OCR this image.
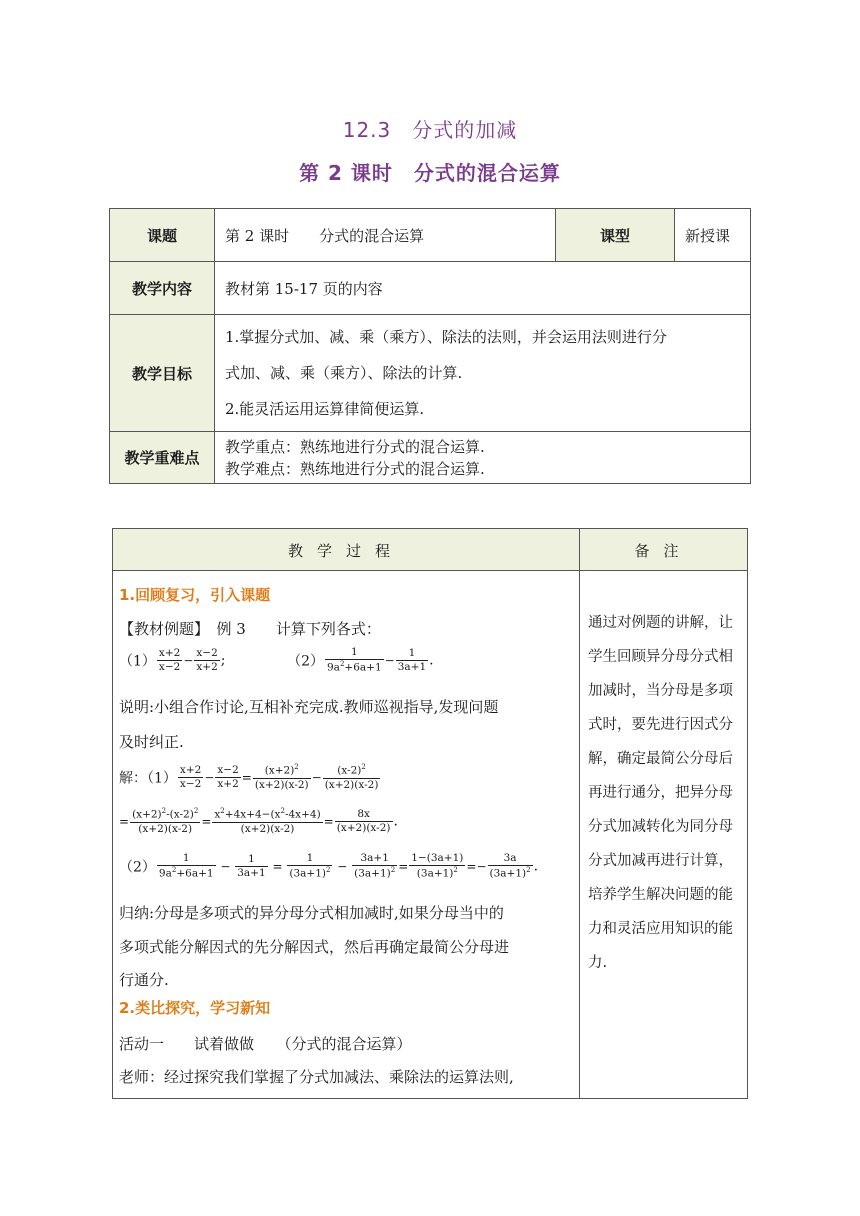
12.3　分式的加减
第 2 课时　分式的混合运算
课题	第 2 课时　　分式的混合运算	课型	新授课
教学内容	教材第 15-17 页的内容		
教学目标	1.掌握分式加、减、乘（乘方）、除法的法则，并会运用法则进行分

式加、减、乘（乘方）、除法的计算.

2.能灵活运用运算律简便运算.		

教学重难点	教学重点：熟练地进行分式的混合运算.

教学难点：熟练地进行分式的混合运算.		

教学过程	备注
1.回顾复习，引入课题
【教材例题】　例 3　　计算下列各式：
$(1) \frac{x+2}{x-2} - \frac{x-2}{x+2}$ ;	$(2) \frac{1}{9a^2+6a+1} - \frac{1}{3a+1}$ .
说明:小组合作讨论,互相补充完成.教师巡视指导,发现问题
及时纠正.
解：$(1) \frac{x+2}{x-2} - \frac{x-2}{x+2} = \frac{(x+2)^2}{(x+2)(x-2)} - \frac{(x-2)^2}{(x+2)(x-2)}$
= $\frac{(x+2)^2-(x-2)^2}{(x+2)(x-2)} = \frac{x^2+4x+4-(x^2-4x+4)}{(x+2)(x-2)} = \frac{8x}{(x+2)(x-2)}$ .
$(2) \frac{1}{9a^2+6a+1} - \frac{1}{3a+1} = \frac{1}{(3a+1)^2} - \frac{3a+1}{(3a+1)^2} = \frac{1-(3a+1)}{(3a+1)^2} =- \frac{3a}{(3a+1)^2}$ .
归纳:分母是多项式的异分母分式相加减时,如果分母当中的
多项式能分解因式的先分解因式，然后再确定最简公分母进
行通分.
2.类比探究，学习新知
活动一　　试着做做　　（分式的混合运算）
老师：经过探究我们掌握了分式加减法、乘除法的运算法则,
通过对例题的讲解，让学生回顾异分母分式相加减时，当分母是多项式时，要先进行因式分解，确定最简公分母后再进行通分，把异分母分式加减转化为同分母分式加减再进行计算，培养学生解决问题的能力和灵活应用知识的能力.
